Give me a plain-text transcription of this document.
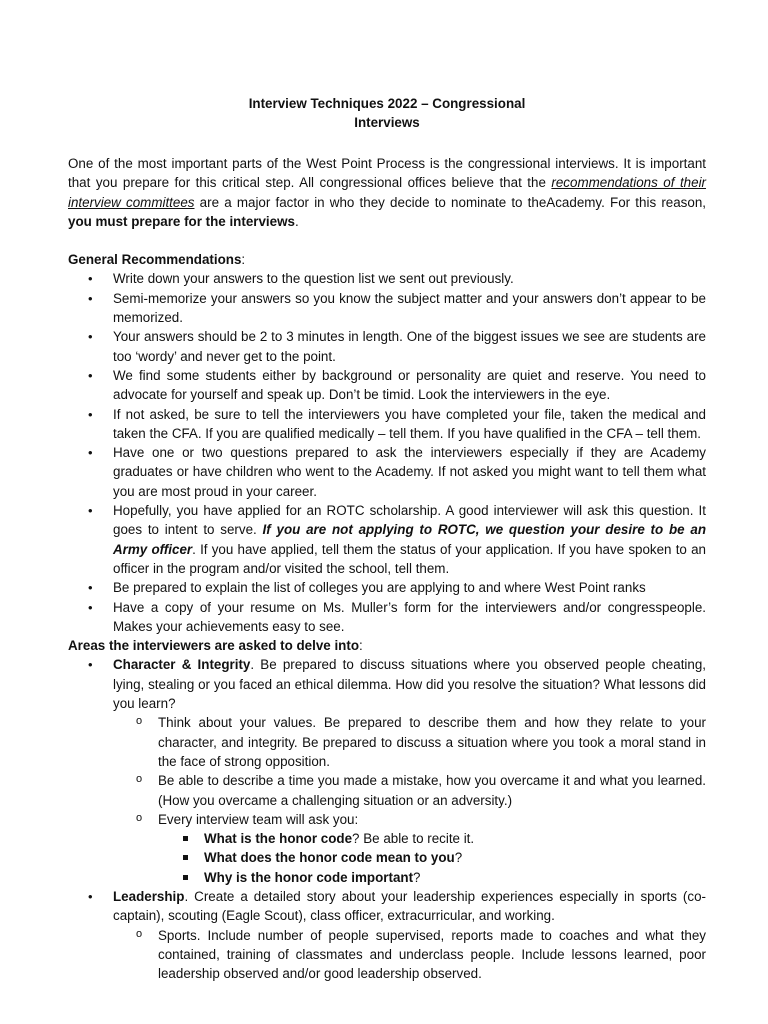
Interview Techniques 2022 – Congressional
Interviews

One of the most important parts of the West Point Process is the congressional interviews. It is important that you prepare for this critical step. All congressional offices believe that the recommendations of their interview committees are a major factor in who they decide to nominate to theAcademy. For this reason, you must prepare for the interviews.

General Recommendations:

• Write down your answers to the question list we sent out previously.
• Semi-memorize your answers so you know the subject matter and your answers don’t appear to be memorized.
• Your answers should be 2 to 3 minutes in length. One of the biggest issues we see are students are too ‘wordy’ and never get to the point.
• We find some students either by background or personality are quiet and reserve. You need to advocate for yourself and speak up. Don’t be timid. Look the interviewers in the eye.
• If not asked, be sure to tell the interviewers you have completed your file, taken the medical and taken the CFA. If you are qualified medically – tell them. If you have qualified in the CFA – tell them.
• Have one or two questions prepared to ask the interviewers especially if they are Academy graduates or have children who went to the Academy. If not asked you might want to tell them what you are most proud in your career.
• Hopefully, you have applied for an ROTC scholarship. A good interviewer will ask this question. It goes to intent to serve. If you are not applying to ROTC, we question your desire to be an Army officer. If you have applied, tell them the status of your application. If you have spoken to an officer in the program and/or visited the school, tell them.
• Be prepared to explain the list of colleges you are applying to and where West Point ranks
• Have a copy of your resume on Ms. Muller’s form for the interviewers and/or congresspeople. Makes your achievements easy to see.

Areas the interviewers are asked to delve into:

• Character & Integrity. Be prepared to discuss situations where you observed people cheating, lying, stealing or you faced an ethical dilemma. How did you resolve the situation? What lessons did you learn?
o Think about your values. Be prepared to describe them and how they relate to your character, and integrity. Be prepared to discuss a situation where you took a moral stand in the face of strong opposition.
o Be able to describe a time you made a mistake, how you overcame it and what you learned. (How you overcame a challenging situation or an adversity.)
o Every interview team will ask you:
What is the honor code? Be able to recite it.
What does the honor code mean to you?
Why is the honor code important?
• Leadership. Create a detailed story about your leadership experiences especially in sports (co-captain), scouting (Eagle Scout), class officer, extracurricular, and working.
o Sports. Include number of people supervised, reports made to coaches and what they contained, training of classmates and underclass people. Include lessons learned, poor leadership observed and/or good leadership observed.
